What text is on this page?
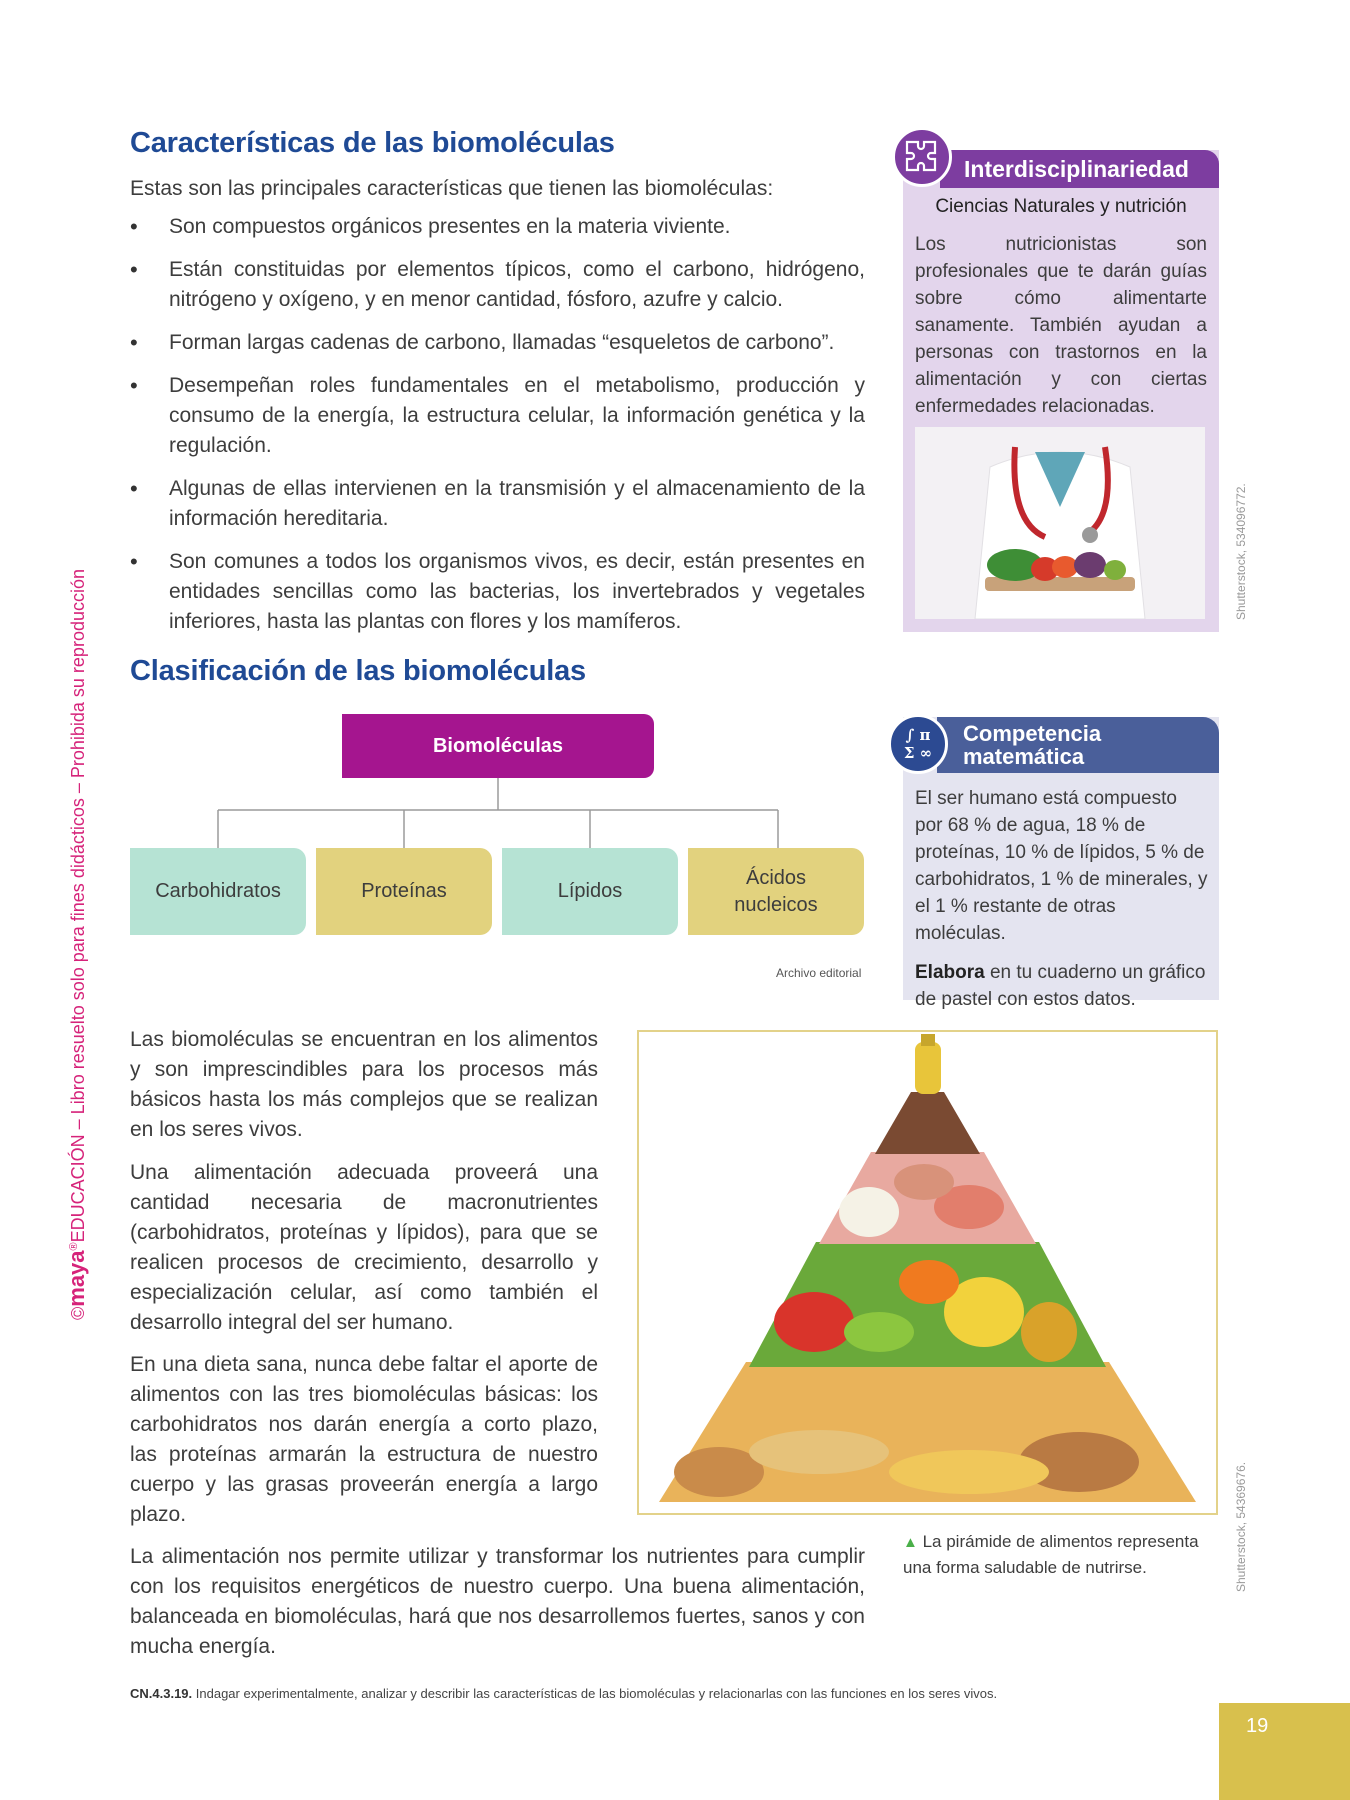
©maya®EDUCACIÓN – Libro resuelto solo para fines didácticos – Prohibida su reproducción
Características de las biomoléculas
Estas son las principales características que tienen las biomoléculas:
• Son compuestos orgánicos presentes en la materia viviente.
• Están constituidas por elementos típicos, como el carbono, hidrógeno, nitrógeno y oxígeno, y en menor cantidad, fósforo, azufre y calcio.
• Forman largas cadenas de carbono, llamadas “esqueletos de carbono”.
• Desempeñan roles fundamentales en el metabolismo, producción y consumo de la energía, la estructura celular, la información genética y la regulación.
• Algunas de ellas intervienen en la transmisión y el almacenamiento de la información hereditaria.
• Son comunes a todos los organismos vivos, es decir, están presentes en entidades sencillas como las bacterias, los invertebrados y vegetales inferiores, hasta las plantas con flores y los mamíferos.
Interdisciplinariedad
Ciencias Naturales y nutrición
Los nutricionistas son profesionales que te darán guías sobre cómo alimentarte sanamente. También ayudan a personas con trastornos en la alimentación y con ciertas enfermedades relacionadas.
Shutterstock, 534096772.
Clasificación de las biomoléculas
Biomoléculas
Carbohidratos	Proteínas	Lípidos
Ácidos nucleicos
Archivo editorial
Competencia
matemática
∫ π Σ ∞
El ser humano está compuesto por 68 % de agua, 18 % de proteínas, 10 % de lípidos, 5 % de carbohidratos, 1 % de minerales, y el 1 % restante de otras moléculas.
Elabora en tu cuaderno un gráfico de pastel con estos datos.
Las biomoléculas se encuentran en los alimentos y son imprescindibles para los procesos más básicos hasta los más complejos que se realizan en los seres vivos.
Una alimentación adecuada proveerá una cantidad necesaria de macronutrientes (carbohidratos, proteínas y lípidos), para que se realicen procesos de crecimiento, desarrollo y especialización celular, así como también el desarrollo integral del ser humano.
En una dieta sana, nunca debe faltar el aporte de alimentos con las tres biomoléculas básicas: los carbohidratos nos darán energía a corto plazo, las proteínas armarán la estructura de nuestro cuerpo y las grasas proveerán energía a largo plazo.
La alimentación nos permite utilizar y transformar los nutrientes para cumplir con los requisitos energéticos de nuestro cuerpo. Una buena alimentación, balanceada en biomoléculas, hará que nos desarrollemos fuertes, sanos y con mucha energía.
Shutterstock, 54369676.
▲ La pirámide de alimentos representa una forma saludable de nutrirse.
CN.4.3.19. Indagar experimentalmente, analizar y describir las características de las biomoléculas y relacionarlas con las funciones en los seres vivos.
19
